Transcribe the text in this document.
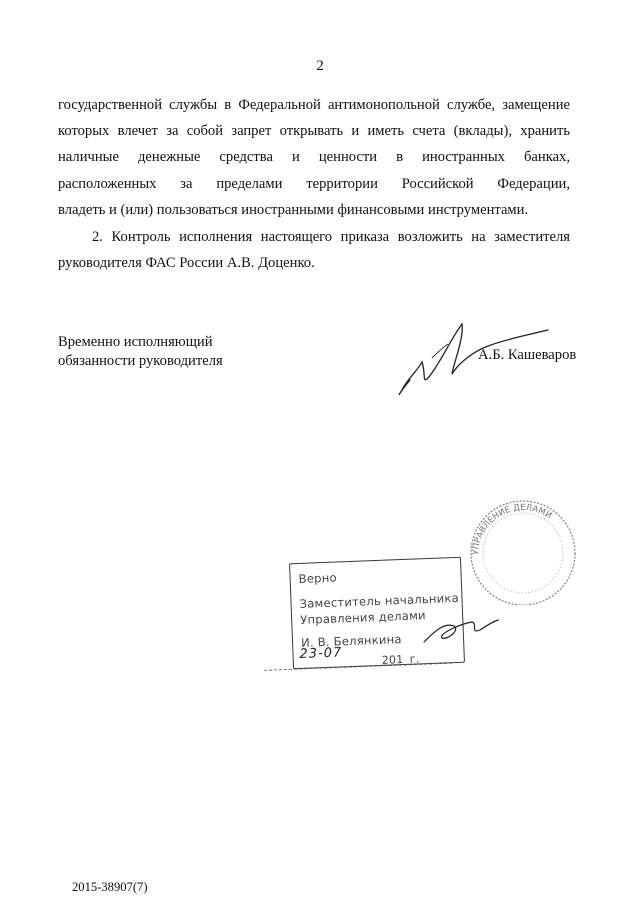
2

государственной службы в Федеральной антимонопольной службе, замещение

которых влечет за собой запрет открывать и иметь счета (вклады), хранить

наличные денежные средства и ценности в иностранных банках,

расположенных за пределами территории Российской Федерации,

владеть и (или) пользоваться иностранными финансовыми инструментами.

2. Контроль исполнения настоящего приказа возложить на заместителя

руководителя ФАС России А.В. Доценко.

Временно исполняющий
обязанности руководителя	А.Б. Кашеваров
УПРАВЛЕНИЕ ДЕЛАМИ
Верно
Заместитель начальника
Управления делами
И. В. Белянкина
23-07	201 г.
2015-38907(7)
